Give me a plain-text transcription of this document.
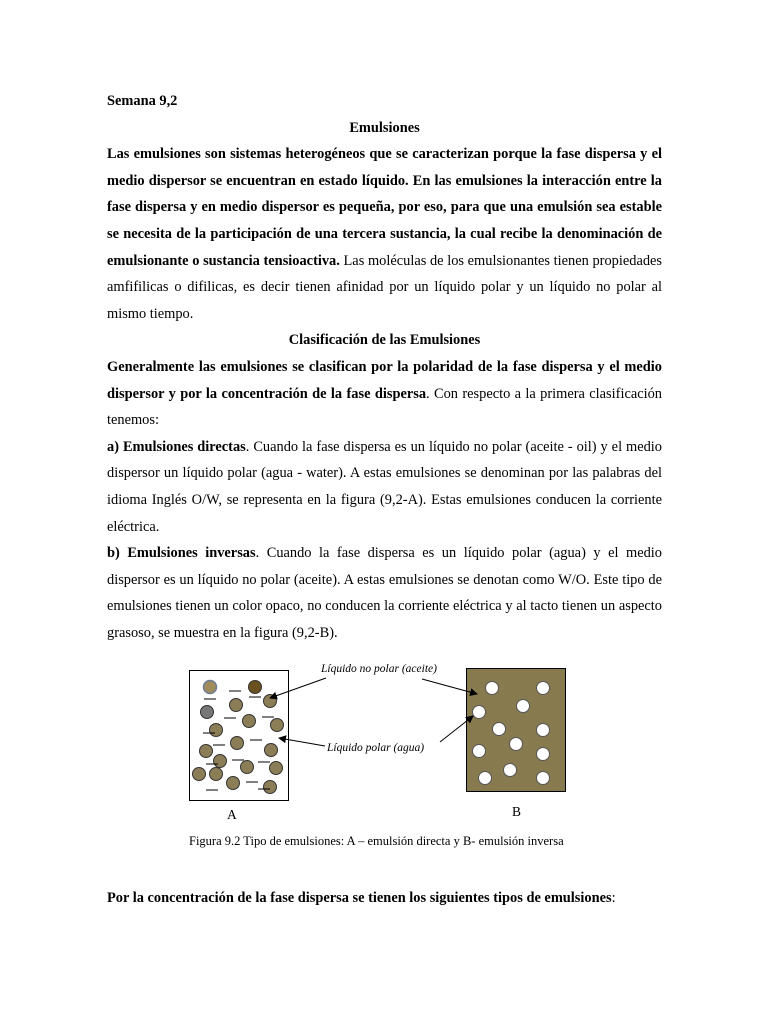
Semana 9,2

Emulsiones

Las emulsiones son sistemas heterogéneos que se caracterizan porque la fase dispersa y el medio dispersor se encuentran en estado líquido. En las emulsiones la interacción entre la fase dispersa y en medio dispersor es pequeña, por eso, para que una emulsión sea estable se necesita de la participación de una tercera sustancia, la cual recibe la denominación de emulsionante o sustancia tensioactiva. Las moléculas de los emulsionantes tienen propiedades amfifilicas o difilicas, es decir tienen afinidad por un líquido polar y un líquido no polar al mismo tiempo.

Clasificación de las Emulsiones

Generalmente las emulsiones se clasifican por la polaridad de la fase dispersa y el medio dispersor y por la concentración de la fase dispersa. Con respecto a la primera clasificación tenemos:

a) Emulsiones directas. Cuando la fase dispersa es un líquido no polar (aceite - oil) y el medio dispersor un líquido polar (agua - water). A estas emulsiones se denominan por las palabras del idioma Inglés O/W, se representa en la figura (9,2-A). Estas emulsiones conducen la corriente eléctrica.

b) Emulsiones inversas. Cuando la fase dispersa es un líquido polar (agua) y el medio dispersor es un líquido no polar (aceite). A estas emulsiones se denotan como W/O. Este tipo de emulsiones tienen un color opaco, no conducen la corriente eléctrica y al tacto tienen un aspecto grasoso, se muestra en la figura (9,2-B).

Líquido no polar (aceite)
Líquido polar (agua)
A	B
Figura 9.2 Tipo de emulsiones: A – emulsión directa y B- emulsión inversa
Por la concentración de la fase dispersa se tienen los siguientes tipos de emulsiones:
